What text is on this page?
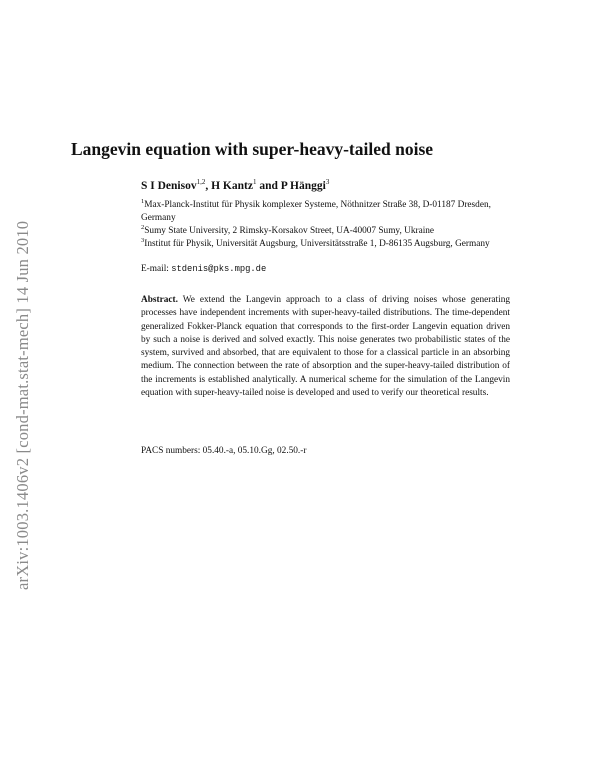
arXiv:1003.1406v2 [cond-mat.stat-mech] 14 Jun 2010
Langevin equation with super-heavy-tailed noise
S I Denisov$^{1,2}$, H Kantz$^1$ and P Hänggi$^3$
$^1$Max-Planck-Institut für Physik komplexer Systeme, Nöthnitzer Straße 38, D-01187 Dresden, Germany
$^2$Sumy State University, 2 Rimsky-Korsakov Street, UA-40007 Sumy, Ukraine
$^3$Institut für Physik, Universität Augsburg, Universitätsstraße 1, D-86135 Augsburg, Germany
E-mail: stdenis@pks.mpg.de
Abstract. We extend the Langevin approach to a class of driving noises whose generating processes have independent increments with super-heavy-tailed distributions. The time-dependent generalized Fokker-Planck equation that corresponds to the first-order Langevin equation driven by such a noise is derived and solved exactly. This noise generates two probabilistic states of the system, survived and absorbed, that are equivalent to those for a classical particle in an absorbing medium. The connection between the rate of absorption and the super-heavy-tailed distribution of the increments is established analytically. A numerical scheme for the simulation of the Langevin equation with super-heavy-tailed noise is developed and used to verify our theoretical results.
PACS numbers: 05.40.-a, 05.10.Gg, 02.50.-r
